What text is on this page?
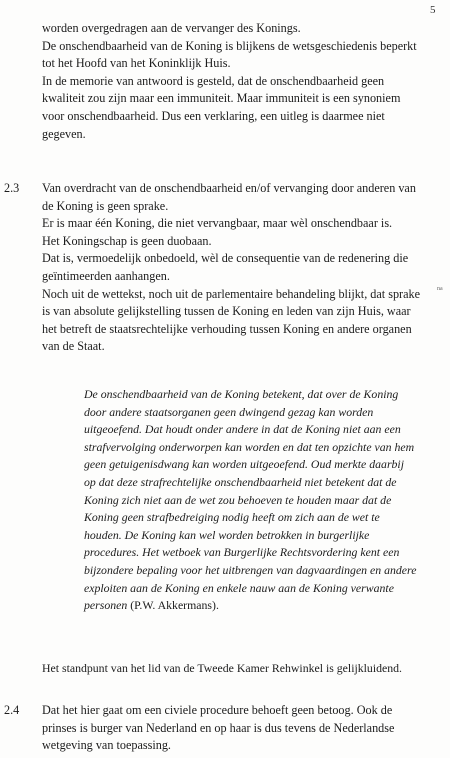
5
worden overgedragen aan de vervanger des Konings.
De onschendbaarheid van de Koning is blijkens de wetsgeschiedenis beperkt
tot het Hoofd van het Koninklijk Huis.
In de memorie van antwoord is gesteld, dat de onschendbaarheid geen
kwaliteit zou zijn maar een immuniteit. Maar immuniteit is een synoniem
voor onschendbaarheid. Dus een verklaring, een uitleg is daarmee niet
gegeven.
2.3 Van overdracht van de onschendbaarheid en/of vervanging door anderen van
de Koning is geen sprake.
Er is maar één Koning, die niet vervangbaar, maar wèl onschendbaar is.
Het Koningschap is geen duobaan.
Dat is, vermoedelijk onbedoeld, wèl de consequentie van de redenering die
geïntimeerden aanhangen.
Noch uit de wettekst, noch uit de parlementaire behandeling blijkt, dat sprake
is van absolute gelijkstelling tussen de Koning en leden van zijn Huis, waar
het betreft de staatsrechtelijke verhouding tussen Koning en andere organen
van de Staat.
na
De onschendbaarheid van de Koning betekent, dat over de Koning
door andere staatsorganen geen dwingend gezag kan worden
uitgeoefend. Dat houdt onder andere in dat de Koning niet aan een
strafvervolging onderworpen kan worden en dat ten opzichte van hem
geen getuigenisdwang kan worden uitgeoefend. Oud merkte daarbij
op dat deze strafrechtelijke onschendbaarheid niet betekent dat de
Koning zich niet aan de wet zou behoeven te houden maar dat de
Koning geen strafbedreiging nodig heeft om zich aan de wet te
houden. De Koning kan wel worden betrokken in burgerlijke
procedures. Het wetboek van Burgerlijke Rechtsvordering kent een
bijzondere bepaling voor het uitbrengen van dagvaardingen en andere
exploiten aan de Koning en enkele nauw aan de Koning verwante
personen (P.W. Akkermans).
Het standpunt van het lid van de Tweede Kamer Rehwinkel is gelijkluidend.
2.4 Dat het hier gaat om een civiele procedure behoeft geen betoog. Ook de
prinses is burger van Nederland en op haar is dus tevens de Nederlandse
wetgeving van toepassing.
